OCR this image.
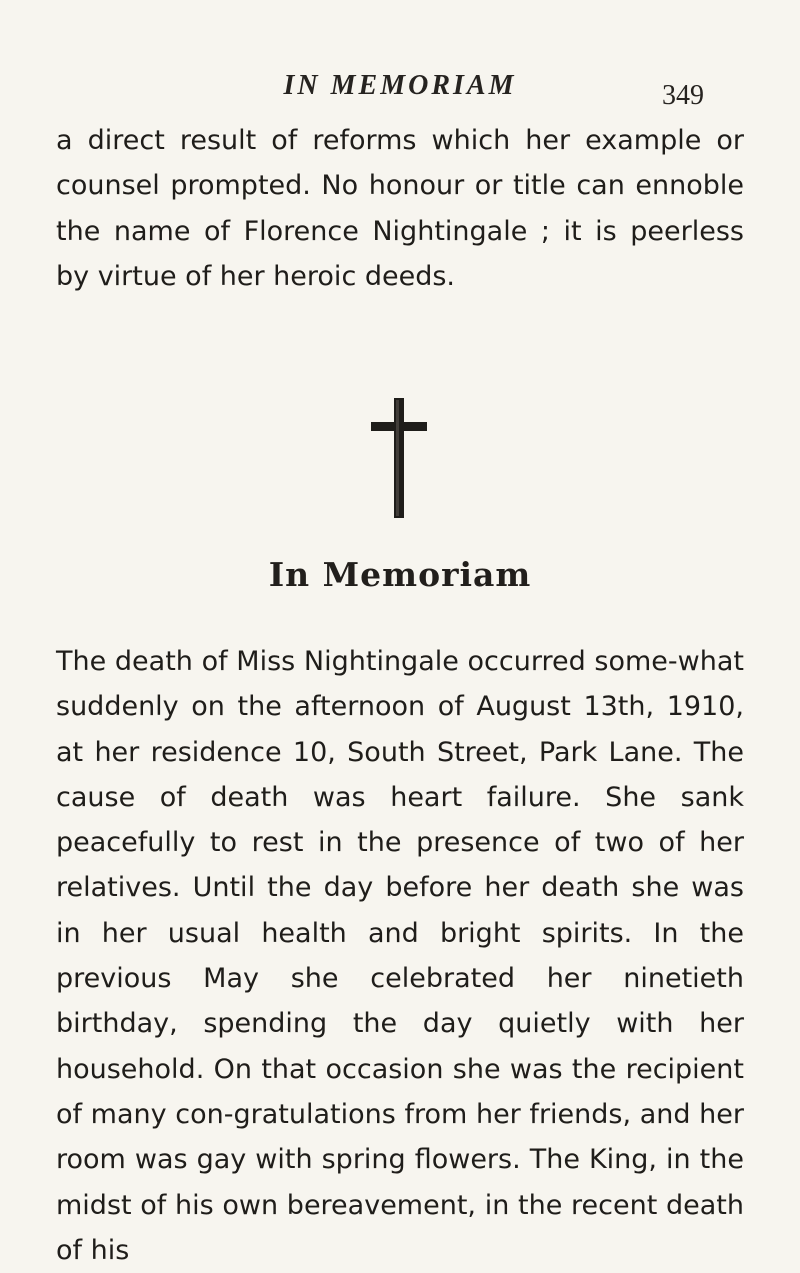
IN MEMORIAM	349

a direct result of reforms which her example or counsel prompted. No honour or title can ennoble the name of Florence Nightingale ; it is peerless by virtue of her heroic deeds.

In Memoriam

The death of Miss Nightingale occurred some-what suddenly on the afternoon of August 13th, 1910, at her residence 10, South Street, Park Lane. The cause of death was heart failure. She sank peacefully to rest in the presence of two of her relatives. Until the day before her death she was in her usual health and bright spirits. In the previous May she celebrated her ninetieth birthday, spending the day quietly with her household. On that occasion she was the recipient of many con-gratulations from her friends, and her room was gay with spring flowers. The King, in the midst of his own bereavement, in the recent death of his
